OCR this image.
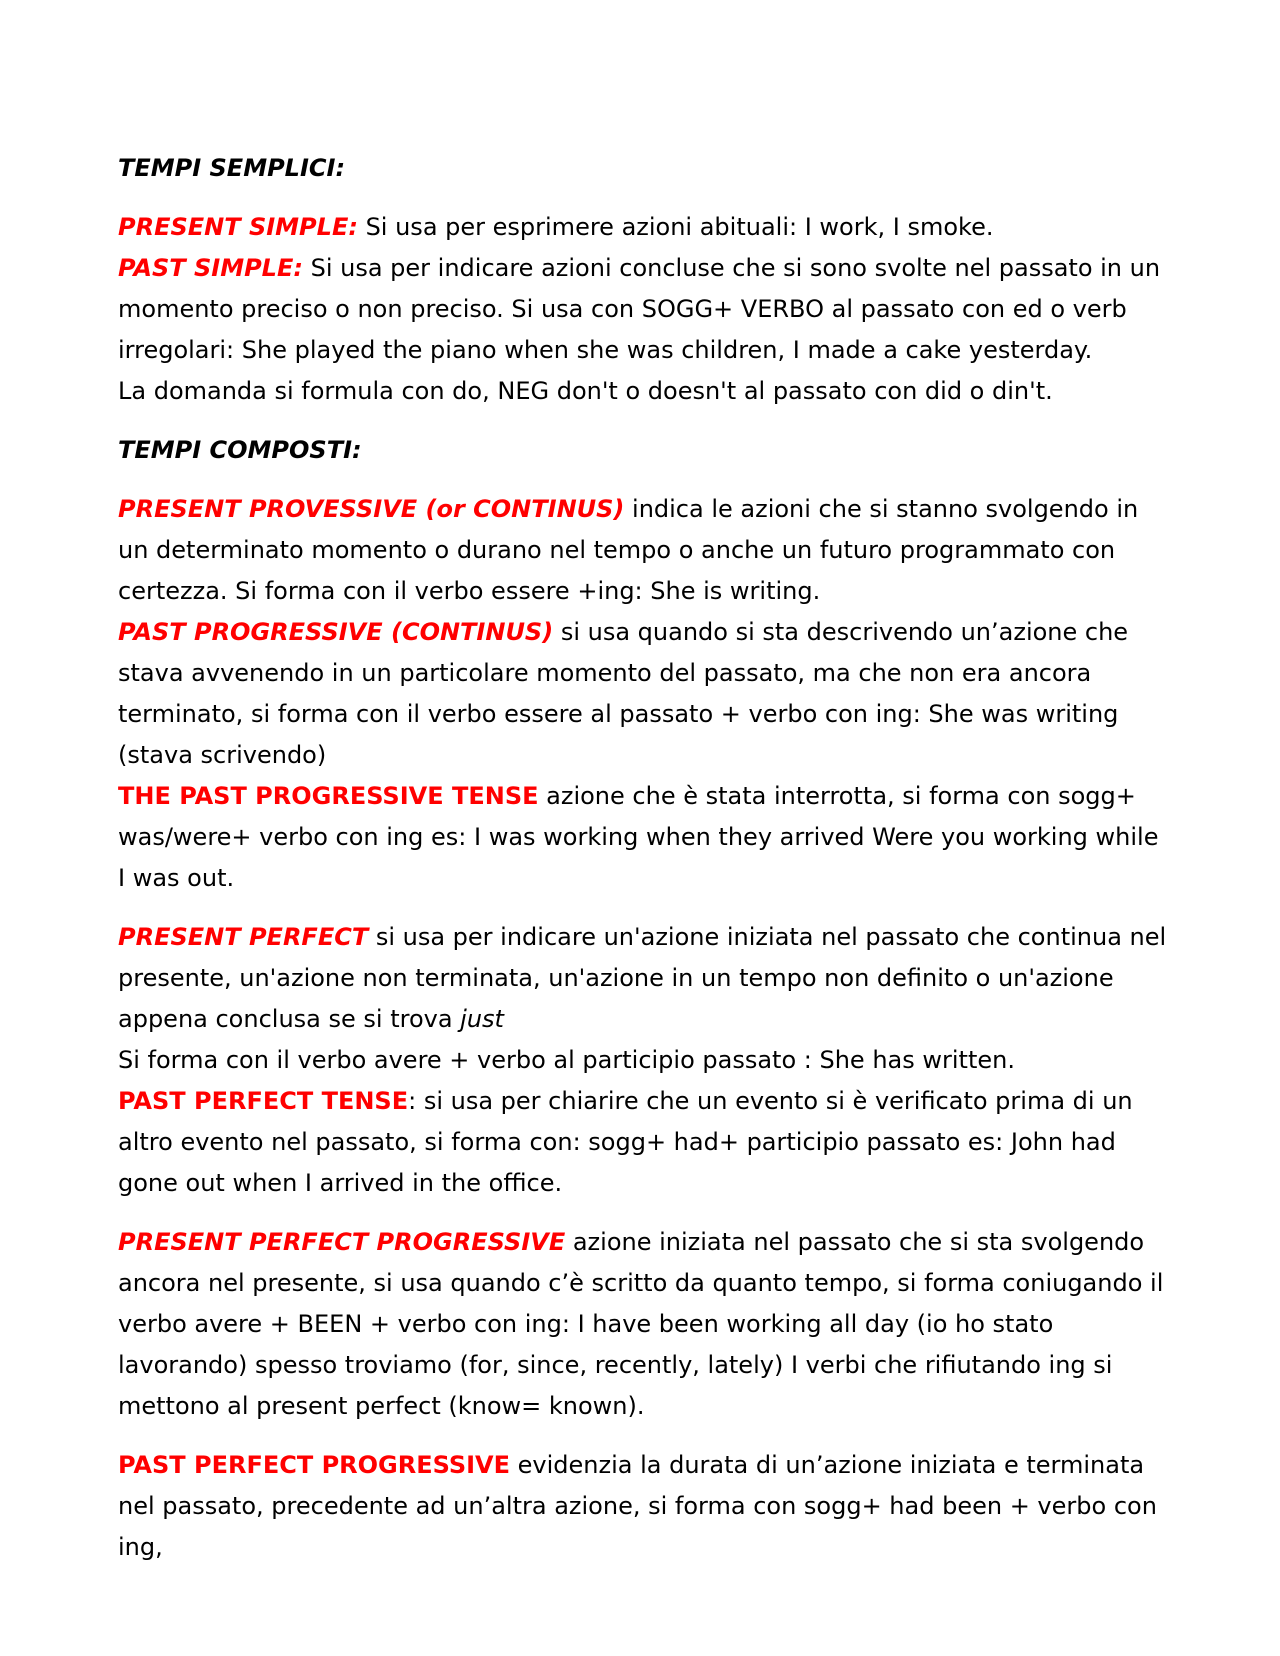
TEMPI SEMPLICI:

PRESENT SIMPLE: Si usa per esprimere azioni abituali: I work, I smoke.
PAST SIMPLE: Si usa per indicare azioni concluse che si sono svolte nel passato in un momento preciso o non preciso. Si usa con SOGG+ VERBO al passato con ed o verb irregolari: She played the piano when she was children, I made a cake yesterday.
La domanda si formula con do, NEG don't o doesn't al passato con did o din't.

TEMPI COMPOSTI:

PRESENT PROVESSIVE (or CONTINUS) indica le azioni che si stanno svolgendo in un determinato momento o durano nel tempo o anche un futuro programmato con certezza. Si forma con il verbo essere +ing: She is writing.
PAST PROGRESSIVE (CONTINUS) si usa quando si sta descrivendo un’azione che stava avvenendo in un particolare momento del passato, ma che non era ancora terminato, si forma con il verbo essere al passato + verbo con ing: She was writing (stava scrivendo)
THE PAST PROGRESSIVE TENSE azione che è stata interrotta, si forma con sogg+ was/were+ verbo con ing es: I was working when they arrived Were you working while I was out.

PRESENT PERFECT si usa per indicare un'azione iniziata nel passato che continua nel presente, un'azione non terminata, un'azione in un tempo non definito o un'azione appena conclusa se si trova just
Si forma con il verbo avere + verbo al participio passato : She has written.
PAST PERFECT TENSE: si usa per chiarire che un evento si è verificato prima di un altro evento nel passato, si forma con: sogg+ had+ participio passato es: John had gone out when I arrived in the office.

PRESENT PERFECT PROGRESSIVE azione iniziata nel passato che si sta svolgendo ancora nel presente, si usa quando c’è scritto da quanto tempo, si forma coniugando il verbo avere + BEEN + verbo con ing: I have been working all day (io ho stato lavorando) spesso troviamo (for, since, recently, lately) I verbi che rifiutando ing si mettono al present perfect (know= known).

PAST PERFECT PROGRESSIVE evidenzia la durata di un’azione iniziata e terminata nel passato, precedente ad un’altra azione, si forma con sogg+ had been + verbo con ing,
